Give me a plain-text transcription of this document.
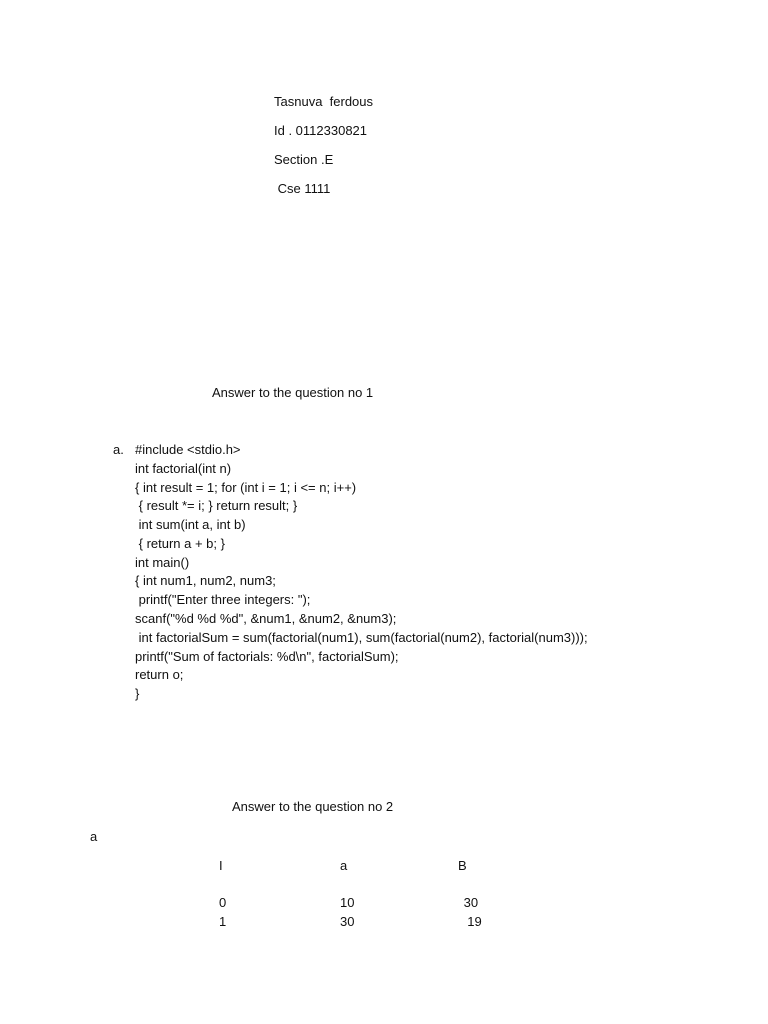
Tasnuva  ferdous
Id . 0112330821
Section .E
Cse 1111
Answer to the question no 1
a. #include <stdio.h>
int factorial(int n)
{ int result = 1; for (int i = 1; i <= n; i++)
{ result *= i; } return result; }
int sum(int a, int b)
{ return a + b; }
int main()
{ int num1, num2, num3;
printf("Enter three integers: ");
scanf("%d %d %d", &num1, &num2, &num3);
int factorialSum = sum(factorial(num1), sum(factorial(num2), factorial(num3)));
printf("Sum of factorials: %d\n", factorialSum);
return o;
}
Answer to the question no 2
a
I	a	B
0	10	30
1	30	19
